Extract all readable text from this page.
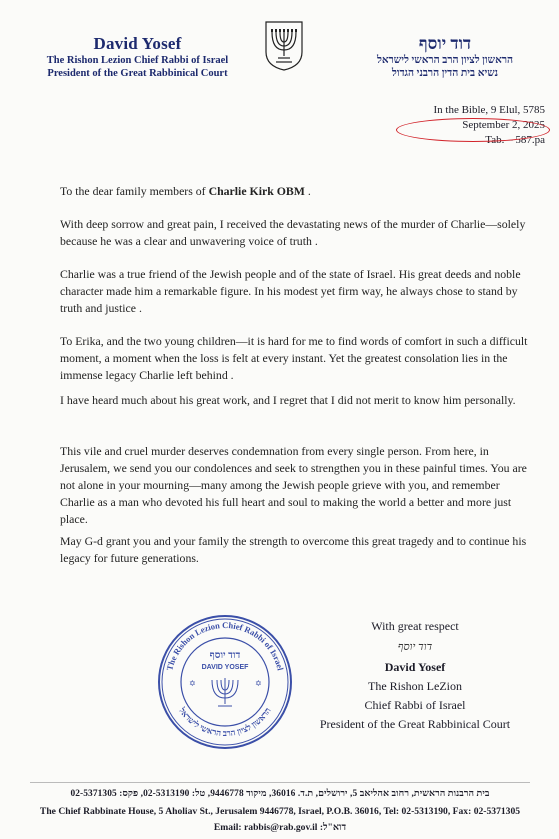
David Yosef
The Rishon Lezion Chief Rabbi of Israel
President of the Great Rabbinical Court
דוד יוסף
הראשון לציון הרב הראשי לישראל
נשיא בית הדין הרבני הגדול
In the Bible, 9 Elul, 5785
September 2, 2025
Tab. – 587.pa

To the dear family members of Charlie Kirk OBM .

With deep sorrow and great pain, I received the devastating news of the murder of Charlie—solely because he was a clear and unwavering voice of truth .

Charlie was a true friend of the Jewish people and of the state of Israel. His great deeds and noble character made him a remarkable figure. In his modest yet firm way, he always chose to stand by truth and justice .

To Erika, and the two young children—it is hard for me to find words of comfort in such a difficult moment, a moment when the loss is felt at every instant. Yet the greatest consolation lies in the immense legacy Charlie left behind .

I have heard much about his great work, and I regret that I did not merit to know him personally.

This vile and cruel murder deserves condemnation from every single person. From here, in Jerusalem, we send you our condolences and seek to strengthen you in these painful times. You are not alone in your mourning—many among the Jewish people grieve with you, and remember Charlie as a man who devoted his full heart and soul to making the world a better and more just place.

May G-d grant you and your family the strength to overcome this great tragedy and to continue his legacy for future generations.

The Rishon Lezion Chief Rabbi of Israel
הראשון לציון הרב הראשי לישראל
דוד יוסף
DAVID YOSEF
✡	✡
With great respect
דוד יוסף
David Yosef
The Rishon LeZion
Chief Rabbi of Israel
President of the Great Rabbinical Court
בית הרבנות הראשית, רחוב אהליאב 5, ירושלים, ת.ד. 36016, מיקוד 9446778, טל: 02-5313190, פקס: 02-5371305
The Chief Rabbinate House, 5 Aholiav St., Jerusalem 9446778, Israel, P.O.B. 36016, Tel: 02-5313190, Fax: 02-5371305
Email: rabbis@rab.gov.il :דוא"ל
